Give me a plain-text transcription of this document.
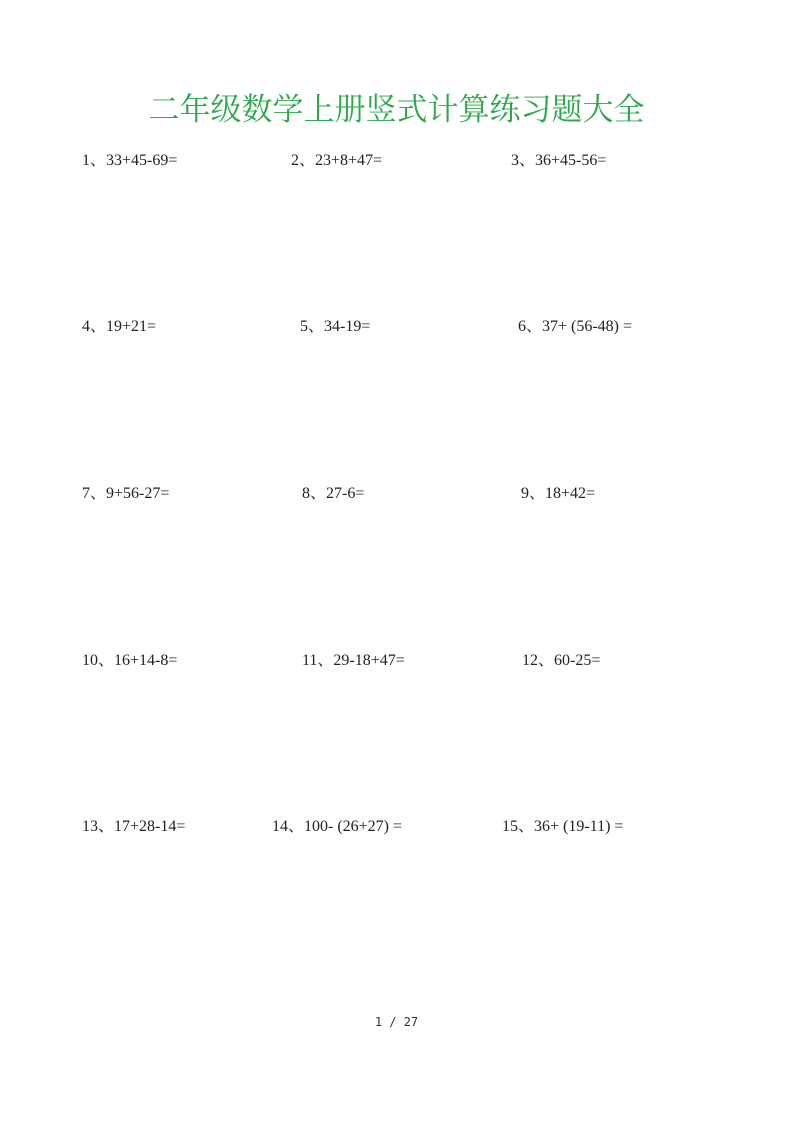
二年级数学上册竖式计算练习题大全
1、33+45-69=	2、23+8+47=	3、36+45-56=
4、19+21=	5、34-19=	6、37+ (56-48) =
7、9+56-27=	8、27-6=	9、18+42=
10、16+14-8=	11、29-18+47=	12、60-25=
13、17+28-14=	14、100- (26+27) =	15、36+ (19-11) =
1 / 27
